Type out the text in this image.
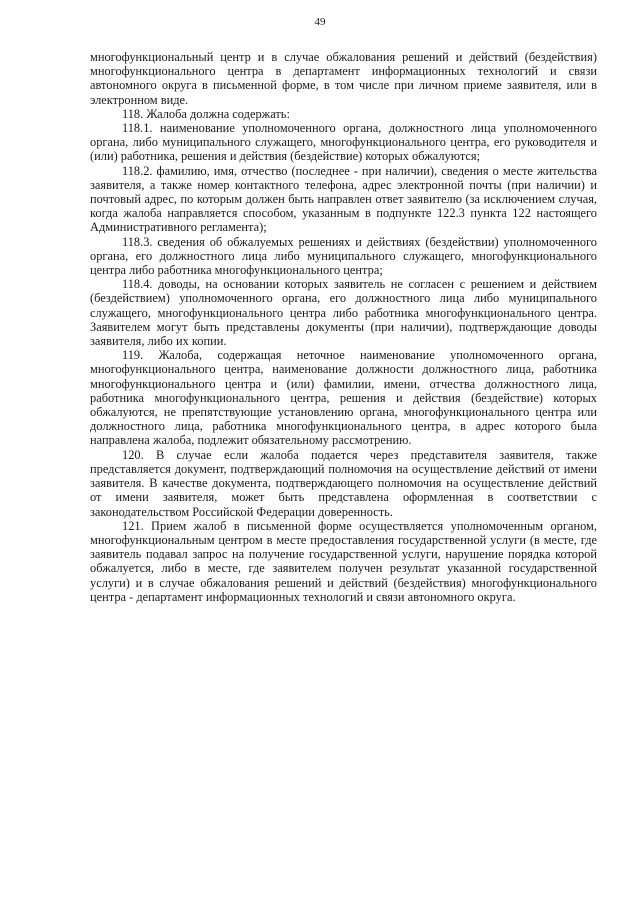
49

многофункциональный центр и в случае обжалования решений и действий (бездействия) многофункционального центра в департамент информационных технологий и связи автономного округа в письменной форме, в том числе при личном приеме заявителя, или в электронном виде.

118. Жалоба должна содержать:

118.1. наименование уполномоченного органа, должностного лица уполномоченного органа, либо муниципального служащего, многофункционального центра, его руководителя и (или) работника, решения и действия (бездействие) которых обжалуются;

118.2. фамилию, имя, отчество (последнее - при наличии), сведения о месте жительства заявителя, а также номер контактного телефона, адрес электронной почты (при наличии) и почтовый адрес, по которым должен быть направлен ответ заявителю (за исключением случая, когда жалоба направляется способом, указанным в подпункте 122.3 пункта 122 настоящего Административного регламента);

118.3. сведения об обжалуемых решениях и действиях (бездействии) уполномоченного органа, его должностного лица либо муниципального служащего, многофункционального центра либо работника многофункционального центра;

118.4. доводы, на основании которых заявитель не согласен с решением и действием (бездействием) уполномоченного органа, его должностного лица либо муниципального служащего, многофункционального центра либо работника многофункционального центра. Заявителем могут быть представлены документы (при наличии), подтверждающие доводы заявителя, либо их копии.

119. Жалоба, содержащая неточное наименование уполномоченного органа, многофункционального центра, наименование должности должностного лица, работника многофункционального центра и (или) фамилии, имени, отчества должностного лица, работника многофункционального центра, решения и действия (бездействие) которых обжалуются, не препятствующие установлению органа, многофункционального центра или должностного лица, работника многофункционального центра, в адрес которого была направлена жалоба, подлежит обязательному рассмотрению.

120. В случае если жалоба подается через представителя заявителя, также представляется документ, подтверждающий полномочия на осуществление действий от имени заявителя. В качестве документа, подтверждающего полномочия на осуществление действий от имени заявителя, может быть представлена оформленная в соответствии с законодательством Российской Федерации доверенность.

121. Прием жалоб в письменной форме осуществляется уполномоченным органом, многофункциональным центром в месте предоставления государственной услуги (в месте, где заявитель подавал запрос на получение государственной услуги, нарушение порядка которой обжалуется, либо в месте, где заявителем получен результат указанной государственной услуги) и в случае обжалования решений и действий (бездействия) многофункционального центра - департамент информационных технологий и связи автономного округа.
